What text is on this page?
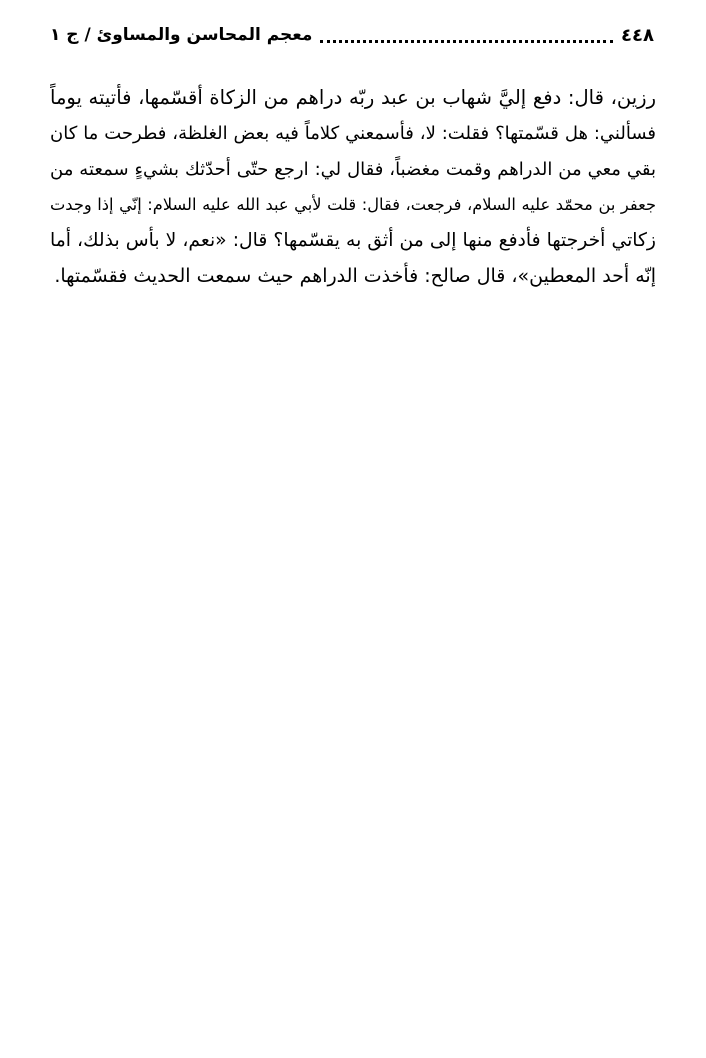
٤٤٨
معجم المحاسن والمساوئ / ج ١

رزين، قال: دفع إليَّ شهاب بن عبد ربّه دراهم من الزكاة أقسّمها، فأتيته يوماً
فسألني: هل قسّمتها؟ فقلت: لا، فأسمعني كلاماً فيه بعض الغلظة، فطرحت ما كان
بقي معي من الدراهم وقمت مغضباً، فقال لي: ارجع حتّى أحدّثك بشيءٍ سمعته من
جعفر بن محمّد عليه السلام، فرجعت، فقال: قلت لأبي عبد الله عليه السلام: إنّي إذا وجدت
زكاتي أخرجتها فأدفع منها إلى من أثق به يقسّمها؟ قال: «نعم، لا بأس بذلك، أما
إنّه أحد المعطين»، قال صالح: فأخذت الدراهم حيث سمعت الحديث فقسّمتها.
